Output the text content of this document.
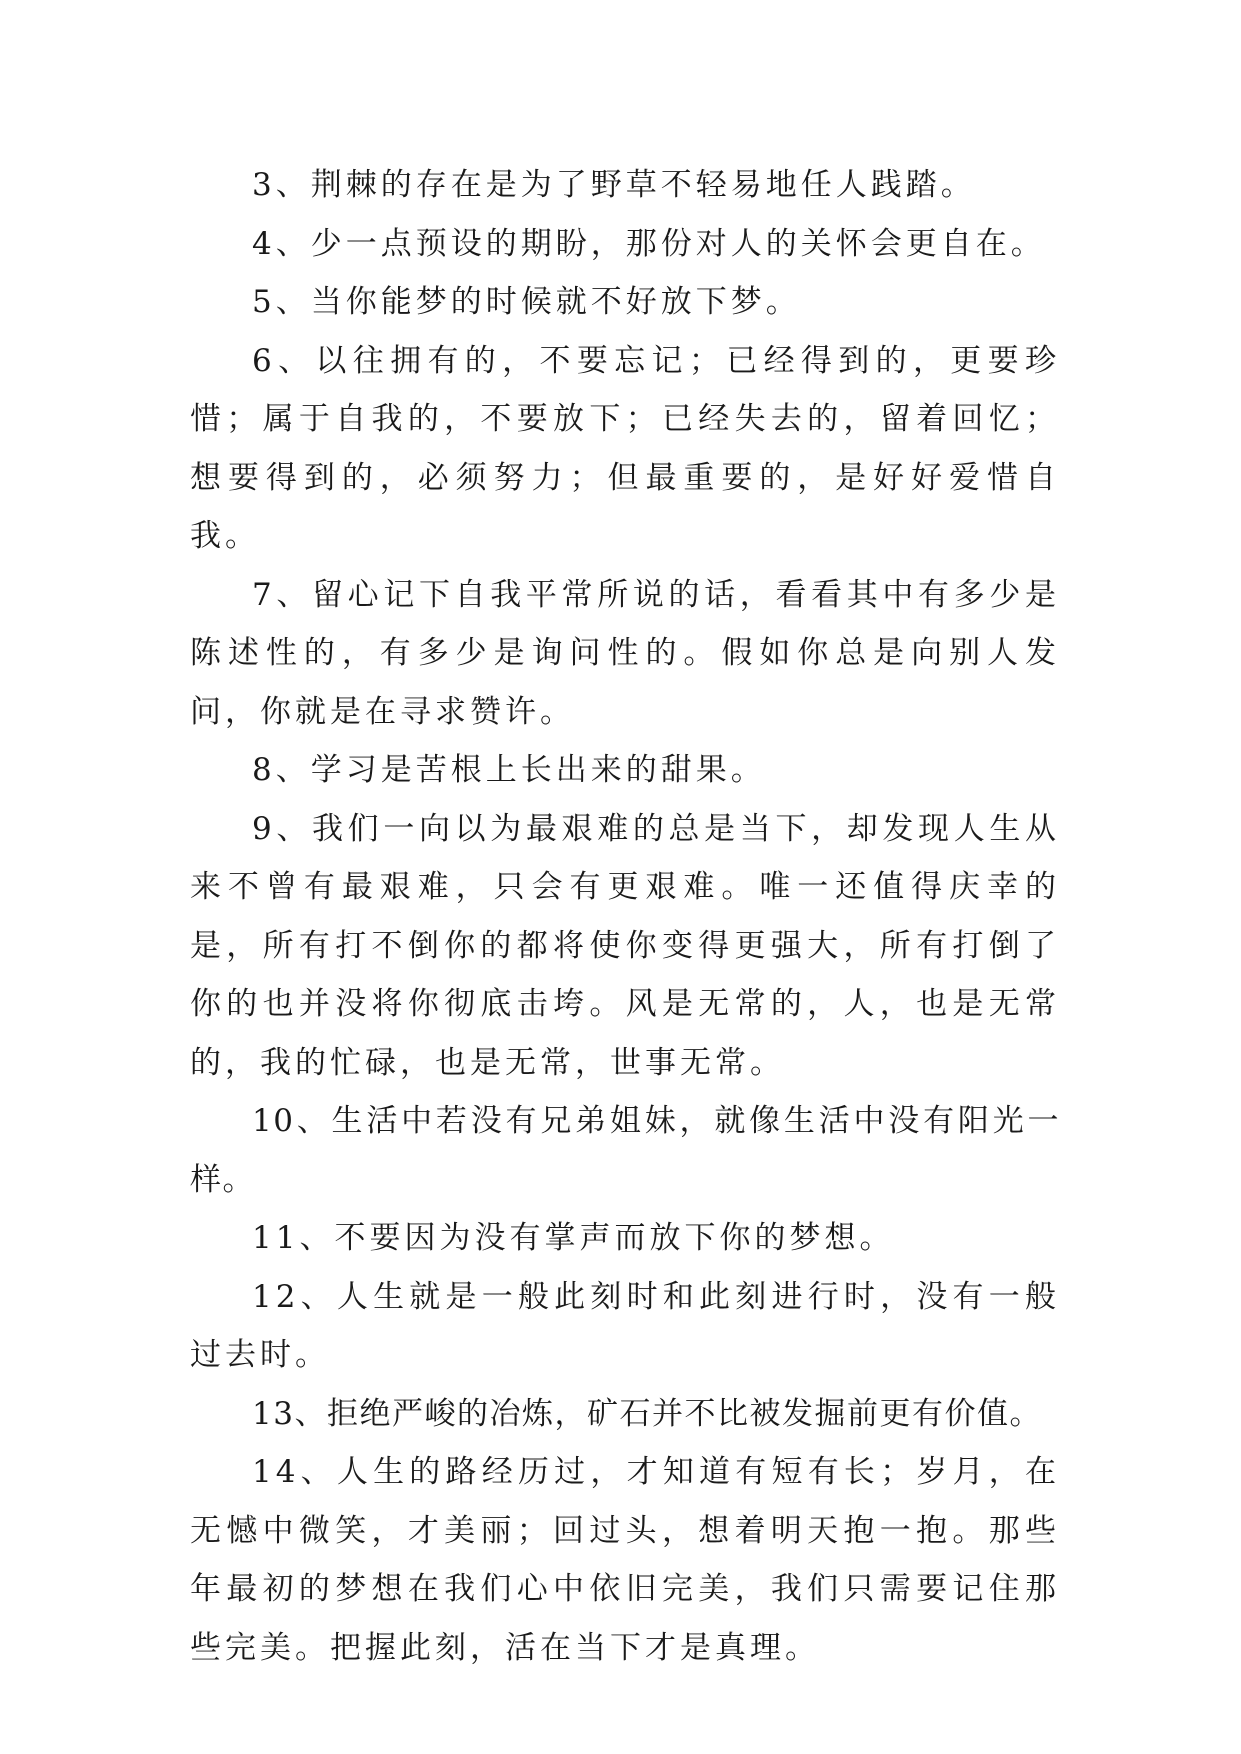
3、荆棘的存在是为了野草不轻易地任人践踏。

4、少一点预设的期盼，那份对人的关怀会更自在。

5、当你能梦的时候就不好放下梦。

6、以往拥有的，不要忘记；已经得到的，更要珍惜；属于自我的，不要放下；已经失去的，留着回忆；想要得到的，必须努力；但最重要的，是好好爱惜自我。

7、留心记下自我平常所说的话，看看其中有多少是陈述性的，有多少是询问性的。假如你总是向别人发问，你就是在寻求赞许。

8、学习是苦根上长出来的甜果。

9、我们一向以为最艰难的总是当下，却发现人生从来不曾有最艰难，只会有更艰难。唯一还值得庆幸的是，所有打不倒你的都将使你变得更强大，所有打倒了你的也并没将你彻底击垮。风是无常的，人，也是无常的，我的忙碌，也是无常，世事无常。

10、生活中若没有兄弟姐妹，就像生活中没有阳光一样。

11、不要因为没有掌声而放下你的梦想。

12、人生就是一般此刻时和此刻进行时，没有一般过去时。

13、拒绝严峻的冶炼，矿石并不比被发掘前更有价值。

14、人生的路经历过，才知道有短有长；岁月，在无憾中微笑，才美丽；回过头，想着明天抱一抱。那些年最初的梦想在我们心中依旧完美，我们只需要记住那些完美。把握此刻，活在当下才是真理。
